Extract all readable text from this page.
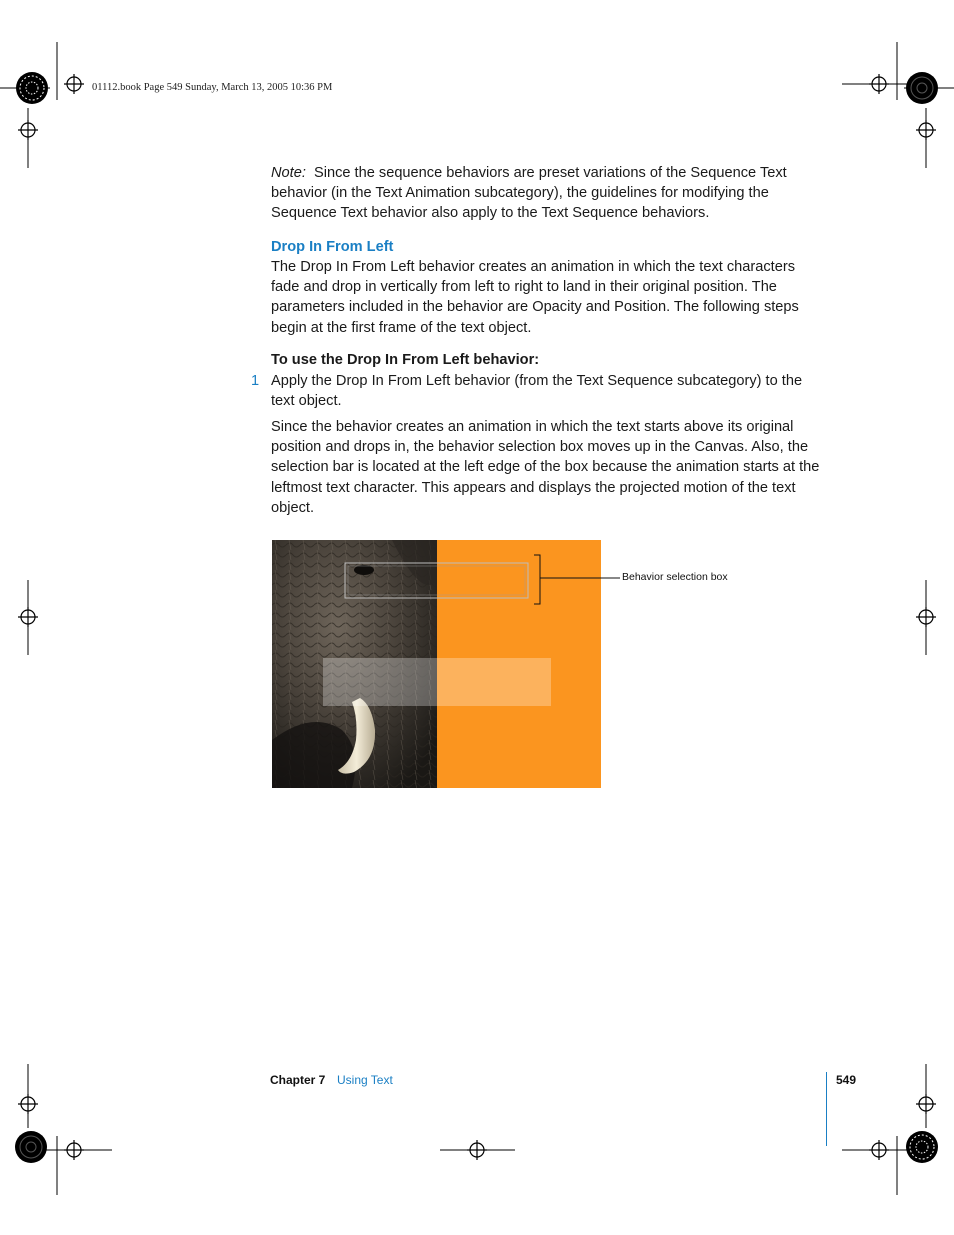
01112.book Page 549 Sunday, March 13, 2005 10:36 PM
Note: Since the sequence behaviors are preset variations of the Sequence Text behavior (in the Text Animation subcategory), the guidelines for modifying the Sequence Text behavior also apply to the Text Sequence behaviors.
Drop In From Left
The Drop In From Left behavior creates an animation in which the text characters fade and drop in vertically from left to right to land in their original position. The parameters included in the behavior are Opacity and Position. The following steps begin at the first frame of the text object.
To use the Drop In From Left behavior:
1 Apply the Drop In From Left behavior (from the Text Sequence subcategory) to the text object.
Since the behavior creates an animation in which the text starts above its original position and drops in, the behavior selection box moves up in the Canvas. Also, the selection bar is located at the left edge of the box because the animation starts at the leftmost text character. This appears and displays the projected motion of the text object.
Behavior selection box
Chapter 7 Using Text	549
